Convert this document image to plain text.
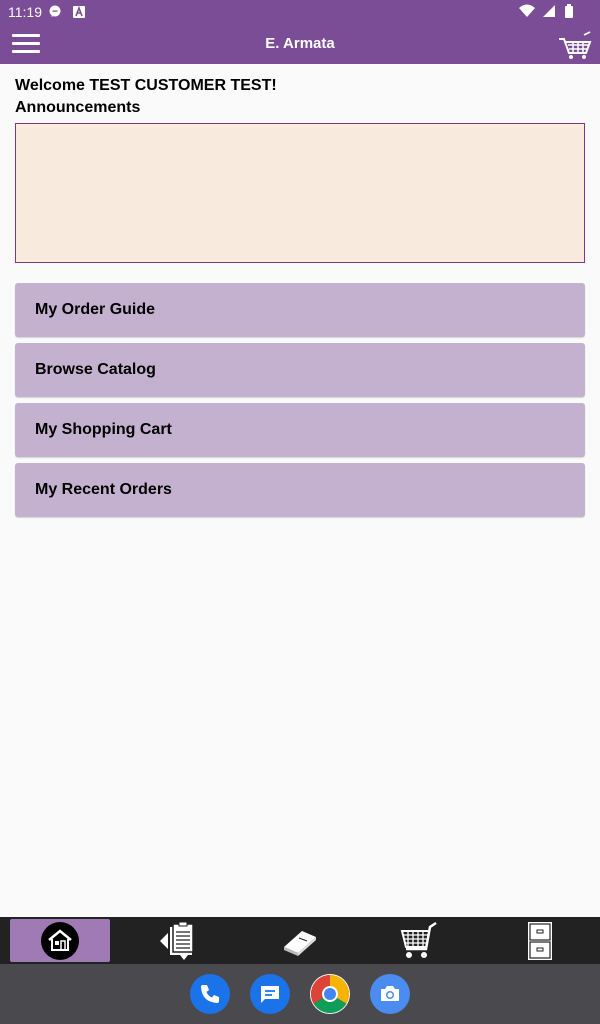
11:19

E. Armata
Welcome TEST CUSTOMER TEST!
Announcements
My Order Guide
Browse Catalog
My Shopping Cart
My Recent Orders
